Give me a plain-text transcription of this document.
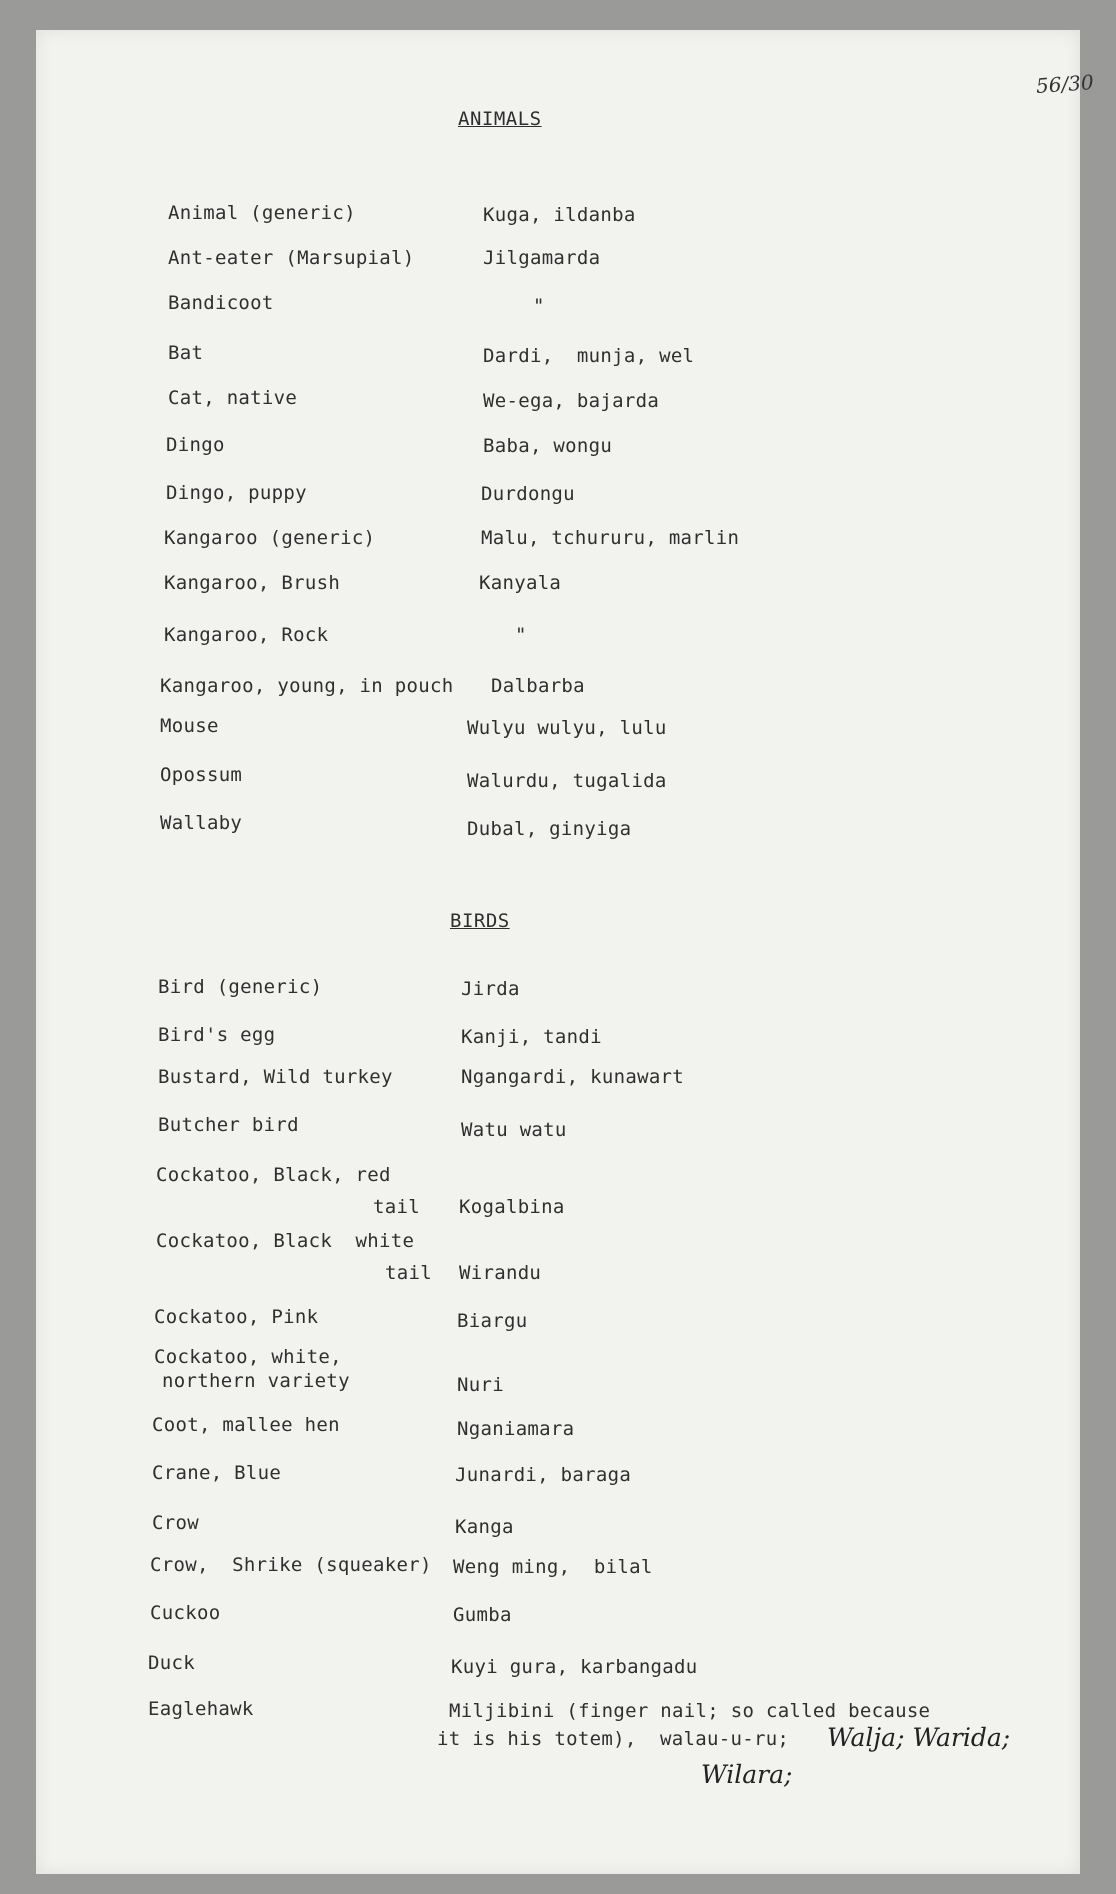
56/30
ANIMALS
Animal (generic)	Kuga, ildanba
Ant-eater (Marsupial)	Jilgamarda
Bandicoot	"
Bat	Dardi,  munja, wel
Cat, native	We-ega, bajarda
Dingo	Baba, wongu
Dingo, puppy	Durdongu
Kangaroo (generic)	Malu, tchururu, marlin
Kangaroo, Brush	Kanyala
Kangaroo, Rock	"
Kangaroo, young, in pouch Dalbarba
Mouse	Wulyu wulyu, lulu
Opossum	Walurdu, tugalida
Wallaby	Dubal, ginyiga
BIRDS
Bird (generic)	Jirda
Bird's egg	Kanji, tandi
Bustard, Wild turkey	Ngangardi, kunawart
Butcher bird	Watu watu
Cockatoo, Black, red
tail Kogalbina
Cockatoo, Black  white
tail Wirandu
Cockatoo, Pink	Biargu
Cockatoo, white,
northern variety	Nuri
Coot, mallee hen	Nganiamara
Crane, Blue	Junardi, baraga
Crow	Kanga
Crow,  Shrike (squeaker) Weng ming,  bilal
Cuckoo	Gumba
Duck	Kuyi gura, karbangadu
Eaglehawk	Miljibini (finger nail; so called because
it is his totem),  walau-u-ru; Walja; Warida;
Wilara;
